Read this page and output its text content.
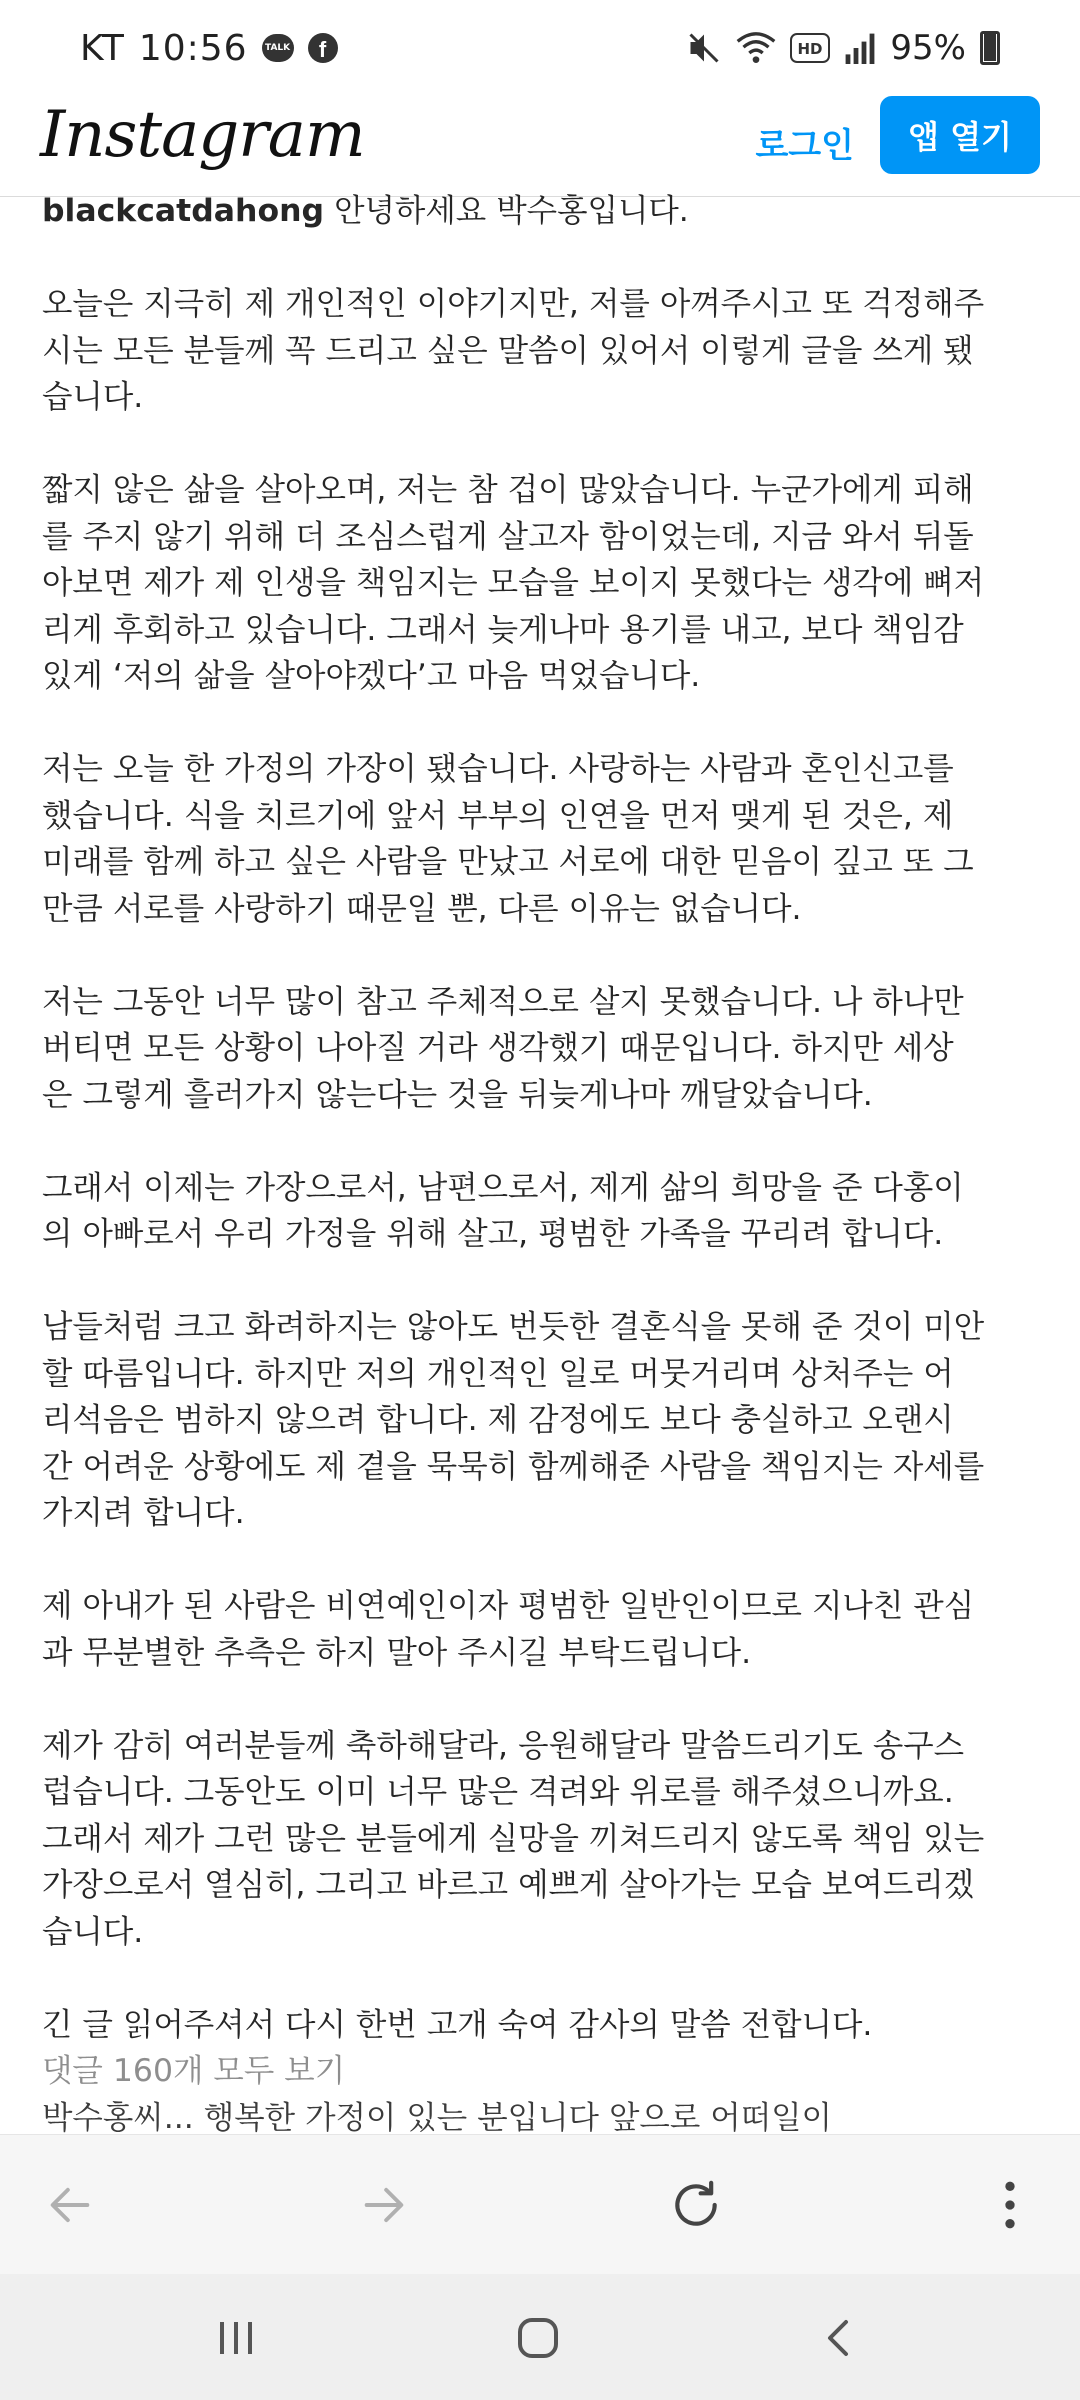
KT 10:56	TALK	f	HD 95%
Instagram	로그인	앱 열기

blackcatdahong 안녕하세요 박수홍입니다.

오늘은 지극히 제 개인적인 이야기지만, 저를 아껴주시고 또 걱정해주
시는 모든 분들께 꼭 드리고 싶은 말씀이 있어서 이렇게 글을 쓰게 됐
습니다.

짧지 않은 삶을 살아오며, 저는 참 겁이 많았습니다. 누군가에게 피해
를 주지 않기 위해 더 조심스럽게 살고자 함이었는데, 지금 와서 뒤돌
아보면 제가 제 인생을 책임지는 모습을 보이지 못했다는 생각에 뼈저
리게 후회하고 있습니다. 그래서 늦게나마 용기를 내고, 보다 책임감
있게 ‘저의 삶을 살아야겠다’고 마음 먹었습니다.

저는 오늘 한 가정의 가장이 됐습니다. 사랑하는 사람과 혼인신고를
했습니다. 식을 치르기에 앞서 부부의 인연을 먼저 맺게 된 것은, 제
미래를 함께 하고 싶은 사람을 만났고 서로에 대한 믿음이 깊고 또 그
만큼 서로를 사랑하기 때문일 뿐, 다른 이유는 없습니다.

저는 그동안 너무 많이 참고 주체적으로 살지 못했습니다. 나 하나만
버티면 모든 상황이 나아질 거라 생각했기 때문입니다. 하지만 세상
은 그렇게 흘러가지 않는다는 것을 뒤늦게나마 깨달았습니다.

그래서 이제는 가장으로서, 남편으로서, 제게 삶의 희망을 준 다홍이
의 아빠로서 우리 가정을 위해 살고, 평범한 가족을 꾸리려 합니다.

남들처럼 크고 화려하지는 않아도 번듯한 결혼식을 못해 준 것이 미안
할 따름입니다. 하지만 저의 개인적인 일로 머뭇거리며 상처주는 어
리석음은 범하지 않으려 합니다. 제 감정에도 보다 충실하고 오랜시
간 어려운 상황에도 제 곁을 묵묵히 함께해준 사람을 책임지는 자세를
가지려 합니다.

제 아내가 된 사람은 비연예인이자 평범한 일반인이므로 지나친 관심
과 무분별한 추측은 하지 말아 주시길 부탁드립니다.

제가 감히 여러분들께 축하해달라, 응원해달라 말씀드리기도 송구스
럽습니다. 그동안도 이미 너무 많은 격려와 위로를 해주셨으니까요.
그래서 제가 그런 많은 분들에게 실망을 끼쳐드리지 않도록 책임 있는
가장으로서 열심히, 그리고 바르고 예쁘게 살아가는 모습 보여드리겠
습니다.

긴 글 읽어주셔서 다시 한번 고개 숙여 감사의 말씀 전합니다.

댓글 160개 모두 보기
박수홍씨... 행복한 가정이 있는 분입니다 앞으로 어떠일이
